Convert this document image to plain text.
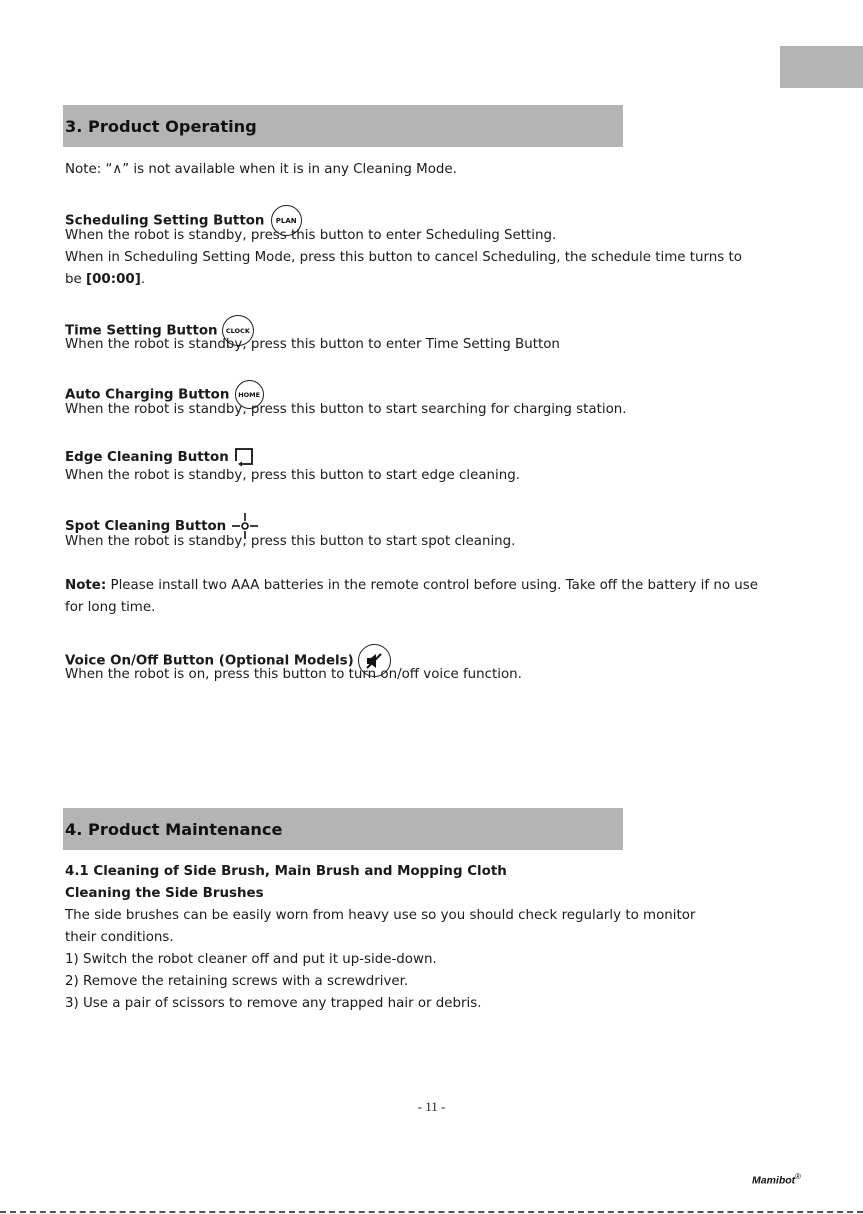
3. Product Operating
Note: “∧” is not available when it is in any Cleaning Mode.
Scheduling Setting Button PLAN
When the robot is standby, press this button to enter Scheduling Setting.
When in Scheduling Setting Mode, press this button to cancel Scheduling, the schedule time turns to
be [00:00].
Time Setting Button CLOCK
When the robot is standby, press this button to enter Time Setting Button
Auto Charging Button HOME
When the robot is standby, press this button to start searching for charging station.
Edge Cleaning Button
When the robot is standby, press this button to start edge cleaning.
Spot Cleaning Button
When the robot is standby, press this button to start spot cleaning.
Note: Please install two AAA batteries in the remote control before using. Take off the battery if no use
for long time.
Voice On/Off Button (Optional Models)
When the robot is on, press this button to turn on/off voice function.
4. Product Maintenance
4.1 Cleaning of Side Brush, Main Brush and Mopping Cloth
Cleaning the Side Brushes
The side brushes can be easily worn from heavy use so you should check regularly to monitor
their conditions.
1) Switch the robot cleaner off and put it up-side-down.
2) Remove the retaining screws with a screwdriver.
3) Use a pair of scissors to remove any trapped hair or debris.
- 11 -
Mamibot®
